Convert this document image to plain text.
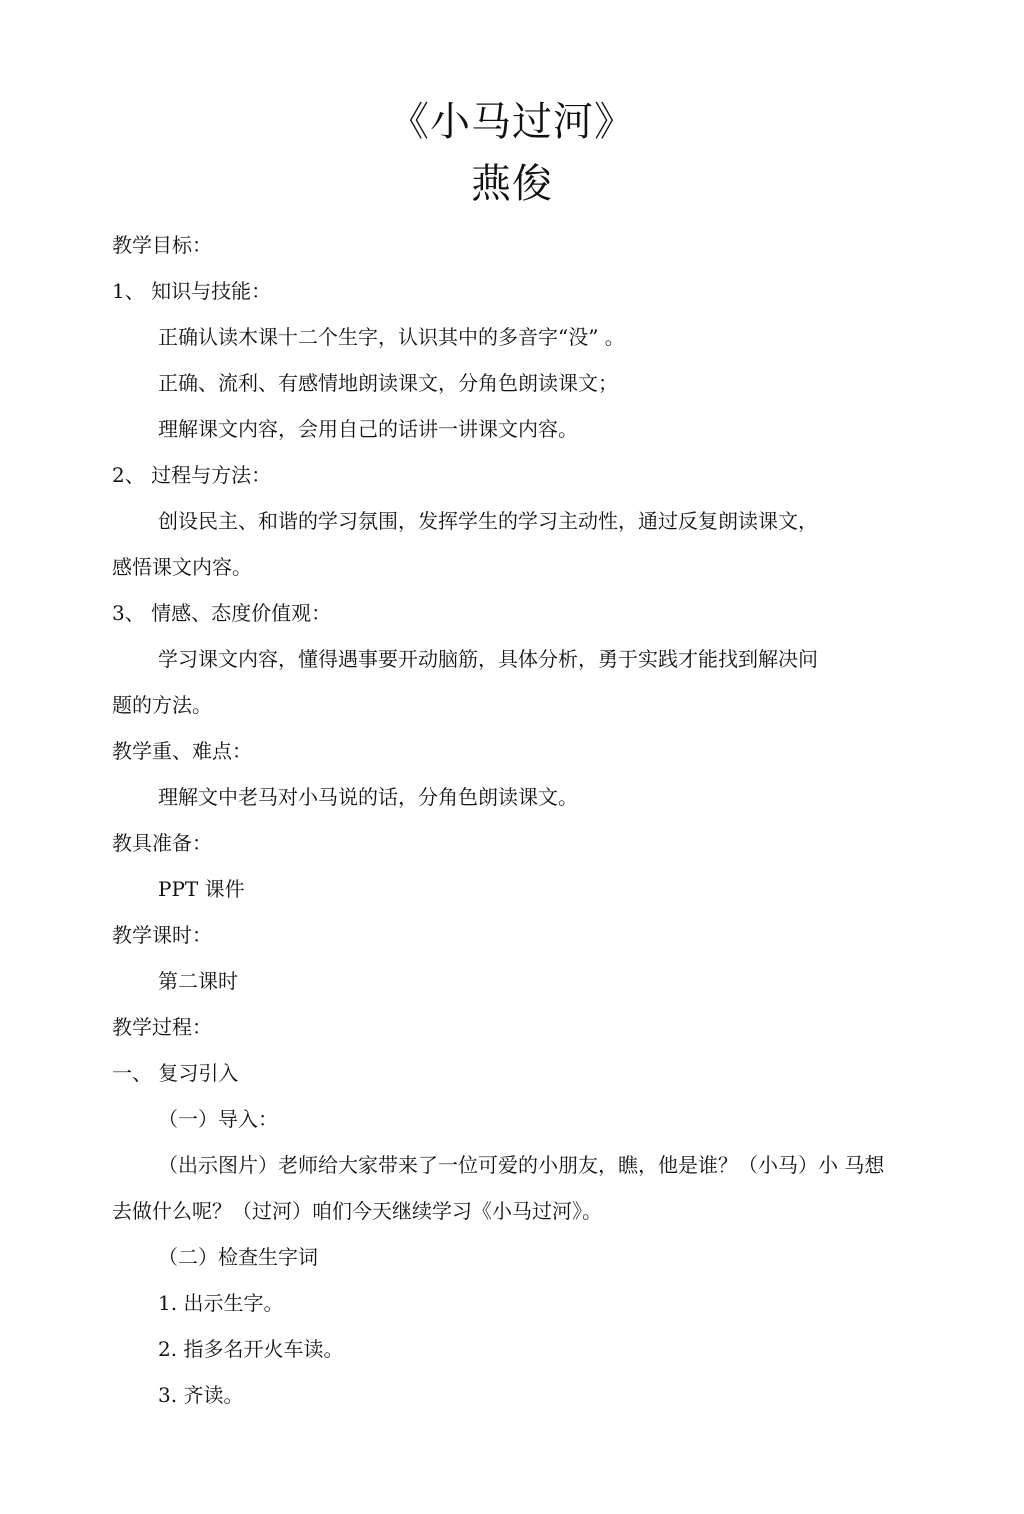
《小马过河》
燕俊

教学目标：

1、 知识与技能：

正确认读木课十二个生字，认识其中的多音字“没” 。

正确、流利、有感情地朗读课文，分角色朗读课文；

理解课文内容，会用自己的话讲一讲课文内容。

2、 过程与方法：

创设民主、和谐的学习氛围，发挥学生的学习主动性，通过反复朗读课文，

感悟课文内容。

3、 情感、态度价值观：

学习课文内容，懂得遇事要开动脑筋，具体分析，勇于实践才能找到解决问

题的方法。

教学重、难点：

理解文中老马对小马说的话，分角色朗读课文。

教具准备：

PPT 课件

教学课时：

第二课时

教学过程：

一、 复习引入

（一）导入：

（出示图片）老师给大家带来了一位可爱的小朋友，瞧，他是谁？（小马）小 马想

去做什么呢？（过河）咱们今天继续学习《小马过河》。

（二）检查生字词

1. 出示生字。

2. 指多名开火车读。

3. 齐读。
